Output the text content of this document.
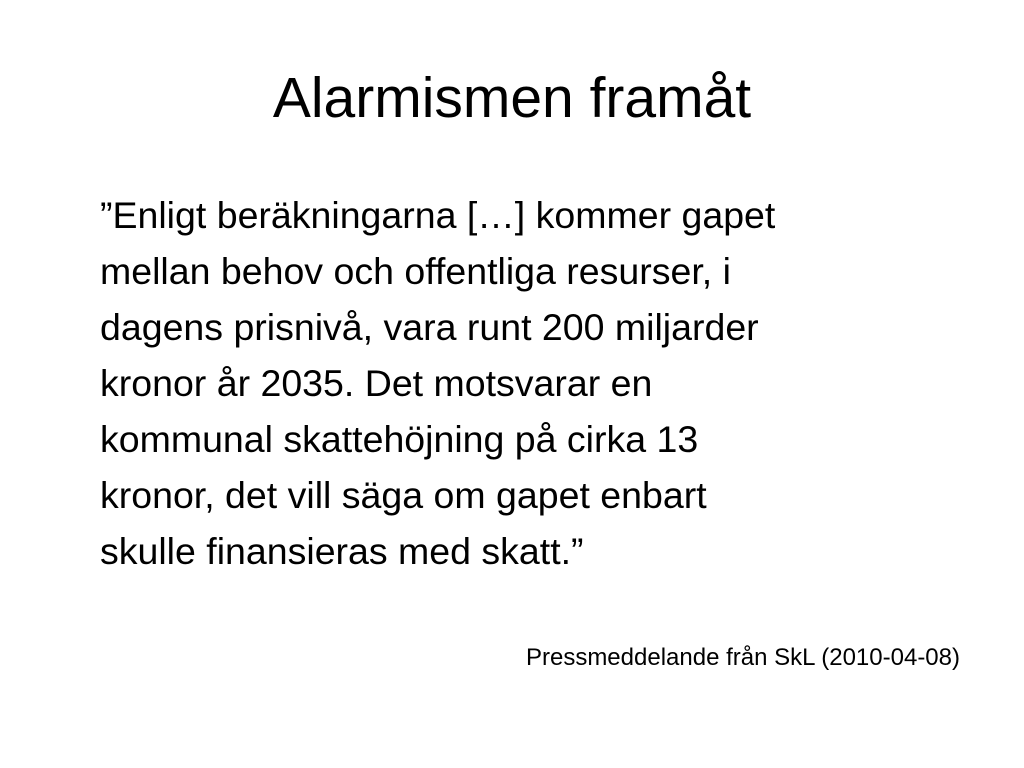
Alarmismen framåt
”Enligt beräkningarna […] kommer gapet
mellan behov och offentliga resurser, i
dagens prisnivå, vara runt 200 miljarder
kronor år 2035. Det motsvarar en
kommunal skattehöjning på cirka 13
kronor, det vill säga om gapet enbart
skulle finansieras med skatt.”
Pressmeddelande från SkL (2010-04-08)
